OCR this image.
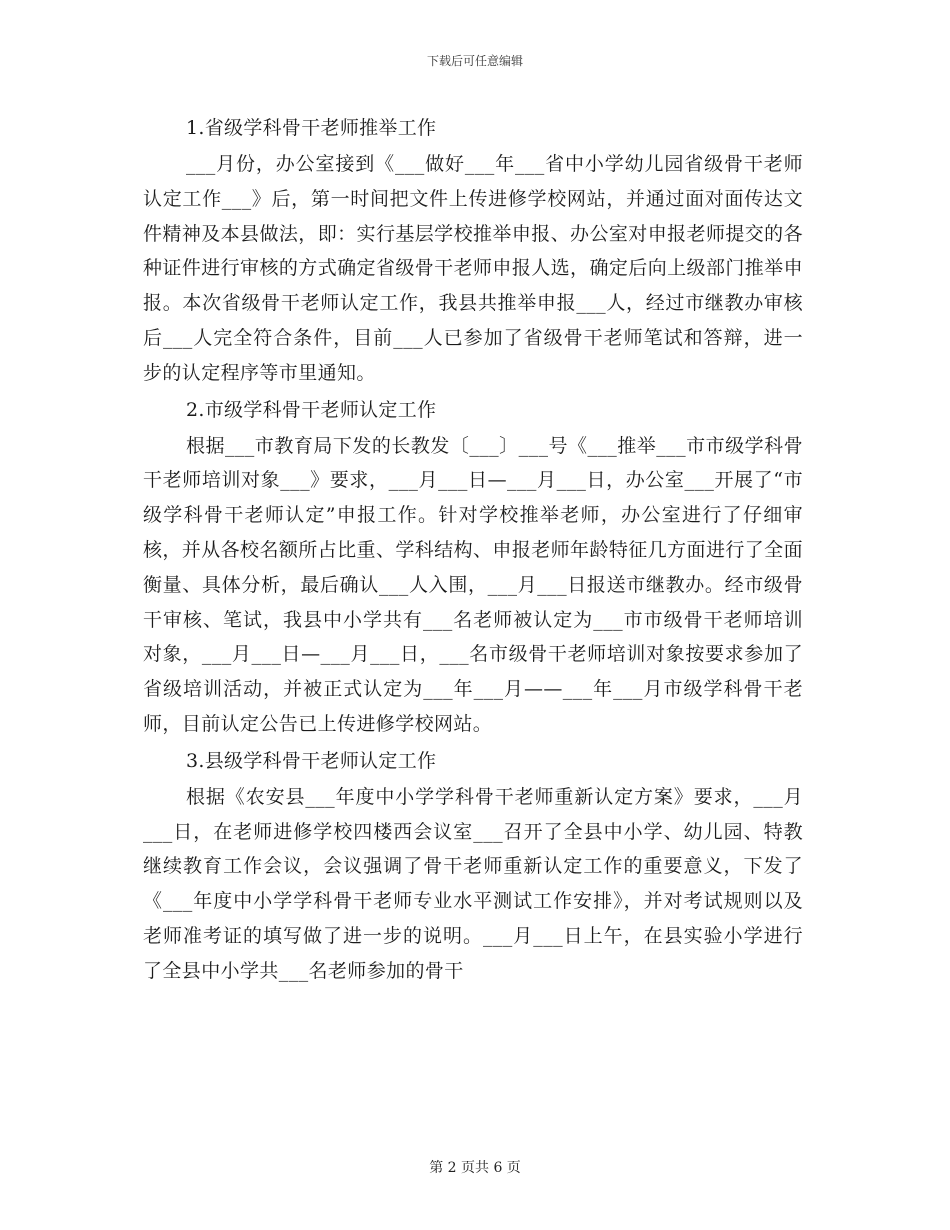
下载后可任意编辑
1.省级学科骨干老师推举工作

___月份，办公室接到《___做好___年___省中小学幼儿园省级骨干老师认定工作___》后，第一时间把文件上传进修学校网站，并通过面对面传达文件精神及本县做法，即：实行基层学校推举申报、办公室对申报老师提交的各种证件进行审核的方式确定省级骨干老师申报人选，确定后向上级部门推举申报。本次省级骨干老师认定工作，我县共推举申报___人，经过市继教办审核后___人完全符合条件，目前___人已参加了省级骨干老师笔试和答辩，进一步的认定程序等市里通知。

2.市级学科骨干老师认定工作

根据___市教育局下发的长教发〔___〕___号《___推举___市市级学科骨干老师培训对象___》要求，___月___日—___月___日，办公室___开展了“市级学科骨干老师认定”申报工作。针对学校推举老师，办公室进行了仔细审核，并从各校名额所占比重、学科结构、申报老师年龄特征几方面进行了全面衡量、具体分析，最后确认___人入围，___月___日报送市继教办。经市级骨干审核、笔试，我县中小学共有___名老师被认定为___市市级骨干老师培训对象，___月___日—___月___日，___名市级骨干老师培训对象按要求参加了省级培训活动，并被正式认定为___年___月——___年___月市级学科骨干老师，目前认定公告已上传进修学校网站。

3.县级学科骨干老师认定工作

根据《农安县___年度中小学学科骨干老师重新认定方案》要求，___月___日，在老师进修学校四楼西会议室___召开了全县中小学、幼儿园、特教继续教育工作会议，会议强调了骨干老师重新认定工作的重要意义，下发了《___年度中小学学科骨干老师专业水平测试工作安排》，并对考试规则以及老师准考证的填写做了进一步的说明。___月___日上午，在县实验小学进行了全县中小学共___名老师参加的骨干

第 2 页共 6 页
